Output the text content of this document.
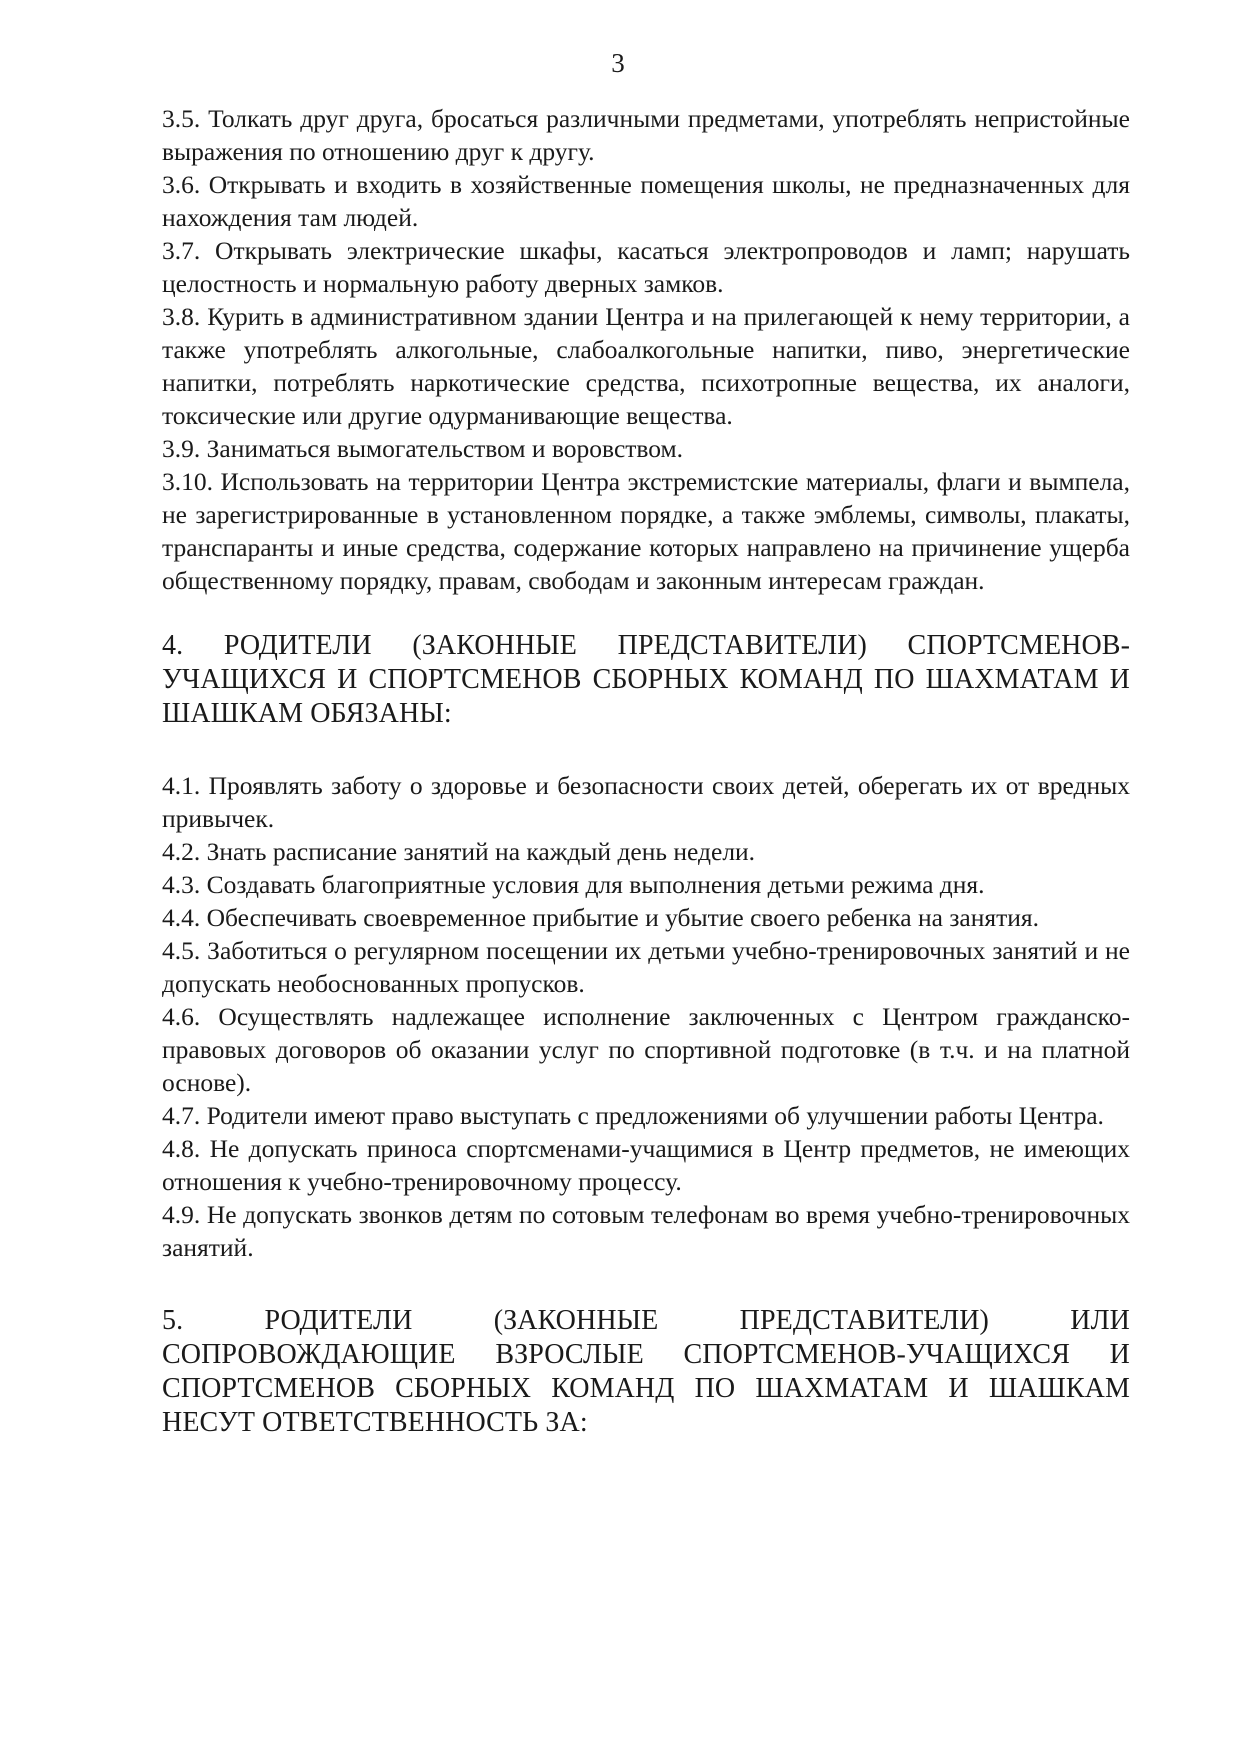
3

3.5. Толкать друг друга, бросаться различными предметами, употреблять непристойные выражения по отношению друг к другу.

3.6. Открывать и входить в хозяйственные помещения школы, не предназначенных для нахождения там людей.

3.7. Открывать электрические шкафы, касаться электропроводов и ламп; нарушать целостность и нормальную работу дверных замков.

3.8. Курить в административном здании Центра и на прилегающей к нему территории, а также употреблять алкогольные, слабоалкогольные напитки, пиво, энергетические напитки, потреблять наркотические средства, психотропные вещества, их аналоги, токсические или другие одурманивающие вещества.

3.9. Заниматься вымогательством и воровством.

3.10. Использовать на территории Центра экстремистские материалы, флаги и вымпела, не зарегистрированные в установленном порядке, а также эмблемы, символы, плакаты, транспаранты и иные средства, содержание которых направлено на причинение ущерба общественному порядку, правам, свободам и законным интересам граждан.

4. РОДИТЕЛИ (ЗАКОННЫЕ ПРЕДСТАВИТЕЛИ) СПОРТСМЕНОВ-УЧАЩИХСЯ И СПОРТСМЕНОВ СБОРНЫХ КОМАНД ПО ШАХМАТАМ И ШАШКАМ ОБЯЗАНЫ:

4.1. Проявлять заботу о здоровье и безопасности своих детей, оберегать их от вредных привычек.

4.2. Знать расписание занятий на каждый день недели.

4.3. Создавать благоприятные условия для выполнения детьми режима дня.

4.4. Обеспечивать своевременное прибытие и убытие своего ребенка на занятия.

4.5. Заботиться о регулярном посещении их детьми учебно-тренировочных занятий и не допускать необоснованных пропусков.

4.6. Осуществлять надлежащее исполнение заключенных с Центром гражданско-правовых договоров об оказании услуг по спортивной подготовке (в т.ч. и на платной основе).

4.7. Родители имеют право выступать с предложениями об улучшении работы Центра.

4.8. Не допускать приноса спортсменами-учащимися в Центр предметов, не имеющих отношения к учебно-тренировочному процессу.

4.9. Не допускать звонков детям по сотовым телефонам во время учебно-тренировочных занятий.

5. РОДИТЕЛИ (ЗАКОННЫЕ ПРЕДСТАВИТЕЛИ) ИЛИ СОПРОВОЖДАЮЩИЕ ВЗРОСЛЫЕ СПОРТСМЕНОВ-УЧАЩИХСЯ И СПОРТСМЕНОВ СБОРНЫХ КОМАНД ПО ШАХМАТАМ И ШАШКАМ НЕСУТ ОТВЕТСТВЕННОСТЬ ЗА:
